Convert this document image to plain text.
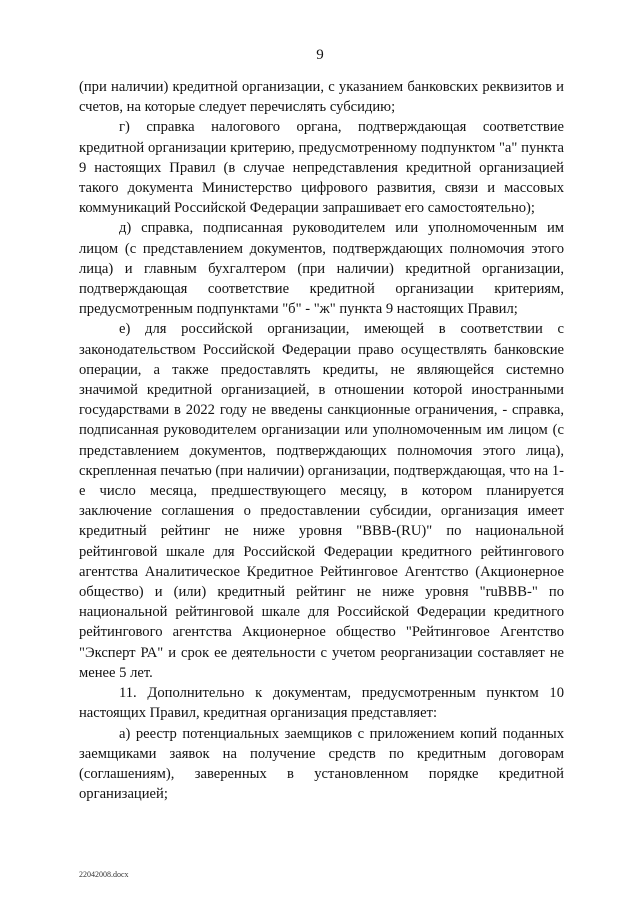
9

(при наличии) кредитной организации, с указанием банковских реквизитов и счетов, на которые следует перечислять субсидию;

г) справка налогового органа, подтверждающая соответствие кредитной организации критерию, предусмотренному подпунктом "а" пункта 9 настоящих Правил (в случае непредставления кредитной организацией такого документа Министерство цифрового развития, связи и массовых коммуникаций Российской Федерации запрашивает его самостоятельно);

д) справка, подписанная руководителем или уполномоченным им лицом (с представлением документов, подтверждающих полномочия этого лица) и главным бухгалтером (при наличии) кредитной организации, подтверждающая соответствие кредитной организации критериям, предусмотренным подпунктами "б" - "ж" пункта 9 настоящих Правил;

е) для российской организации, имеющей в соответствии с законодательством Российской Федерации право осуществлять банковские операции, а также предоставлять кредиты, не являющейся системно значимой кредитной организацией, в отношении которой иностранными государствами в 2022 году не введены санкционные ограничения, - справка, подписанная руководителем организации или уполномоченным им лицом (с представлением документов, подтверждающих полномочия этого лица), скрепленная печатью (при наличии) организации, подтверждающая, что на 1-е число месяца, предшествующего месяцу, в котором планируется заключение соглашения о предоставлении субсидии, организация имеет кредитный рейтинг не ниже уровня "BBB-(RU)" по национальной рейтинговой шкале для Российской Федерации кредитного рейтингового агентства Аналитическое Кредитное Рейтинговое Агентство (Акционерное общество) и (или) кредитный рейтинг не ниже уровня "ruBBB-" по национальной рейтинговой шкале для Российской Федерации кредитного рейтингового агентства Акционерное общество "Рейтинговое Агентство "Эксперт РА" и срок ее деятельности с учетом реорганизации составляет не менее 5 лет.

11. Дополнительно к документам, предусмотренным пунктом 10 настоящих Правил, кредитная организация представляет:

а) реестр потенциальных заемщиков с приложением копий поданных заемщиками заявок на получение средств по кредитным договорам (соглашениям), заверенных в установленном порядке кредитной организацией;

22042008.docx
